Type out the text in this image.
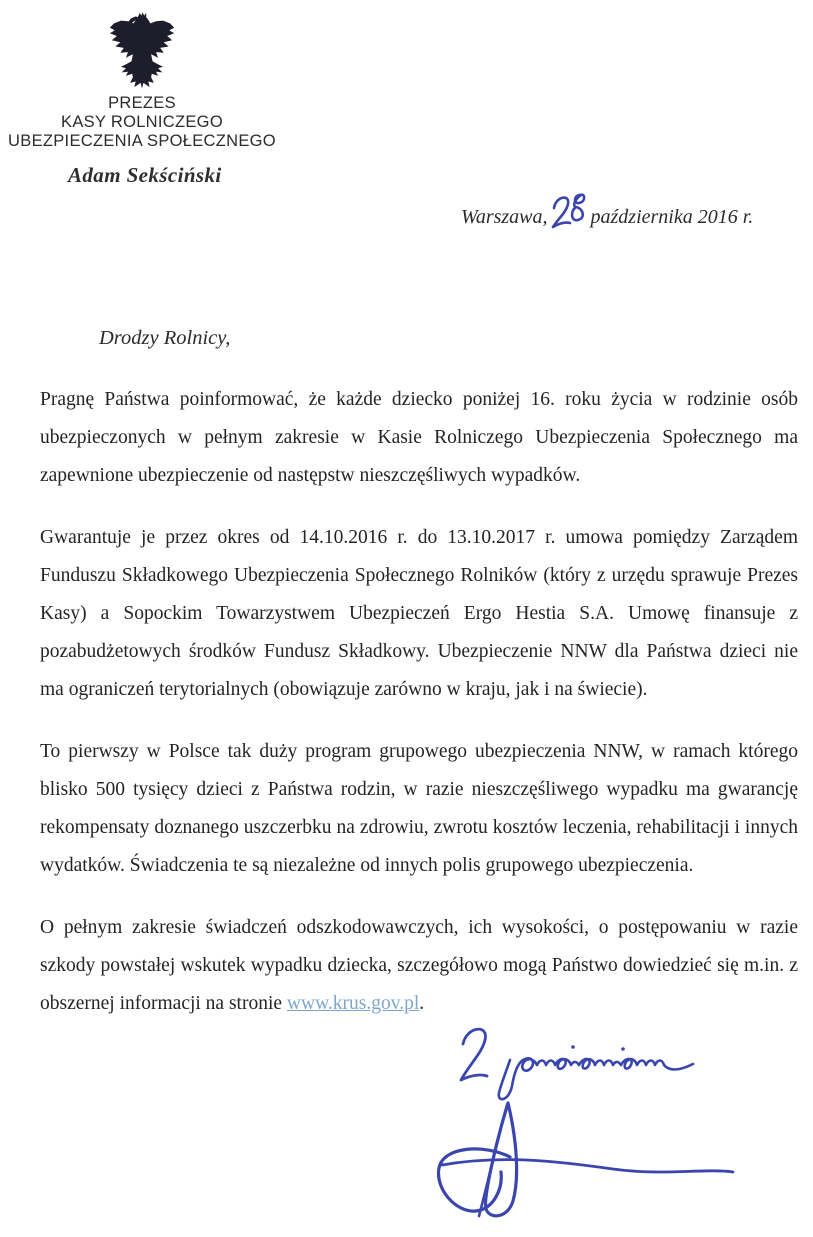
PREZES
KASY ROLNICZEGO
UBEZPIECZENIA SPOŁECZNEGO
Adam Sekściński
Warszawa, października 2016 r.
Drodzy Rolnicy,

Pragnę Państwa poinformować, że każde dziecko poniżej 16. roku życia w rodzinie osób ubezpieczonych w pełnym zakresie w Kasie Rolniczego Ubezpieczenia Społecznego ma zapewnione ubezpieczenie od następstw nieszczęśliwych wypadków.

Gwarantuje je przez okres od 14.10.2016 r. do 13.10.2017 r. umowa pomiędzy Zarządem Funduszu Składkowego Ubezpieczenia Społecznego Rolników (który z urzędu sprawuje Prezes Kasy) a Sopockim Towarzystwem Ubezpieczeń Ergo Hestia S.A. Umowę finansuje z pozabudżetowych środków Fundusz Składkowy. Ubezpieczenie NNW dla Państwa dzieci nie ma ograniczeń terytorialnych (obowiązuje zarówno w kraju, jak i na świecie).

To pierwszy w Polsce tak duży program grupowego ubezpieczenia NNW, w ramach którego blisko 500 tysięcy dzieci z Państwa rodzin, w razie nieszczęśliwego wypadku ma gwarancję rekompensaty doznanego uszczerbku na zdrowiu, zwrotu kosztów leczenia, rehabilitacji i innych wydatków. Świadczenia te są niezależne od innych polis grupowego ubezpieczenia.

O pełnym zakresie świadczeń odszkodowawczych, ich wysokości, o postępowaniu w razie szkody powstałej wskutek wypadku dziecka, szczegółowo mogą Państwo dowiedzieć się m.in. z obszernej informacji na stronie www.krus.gov.pl.
